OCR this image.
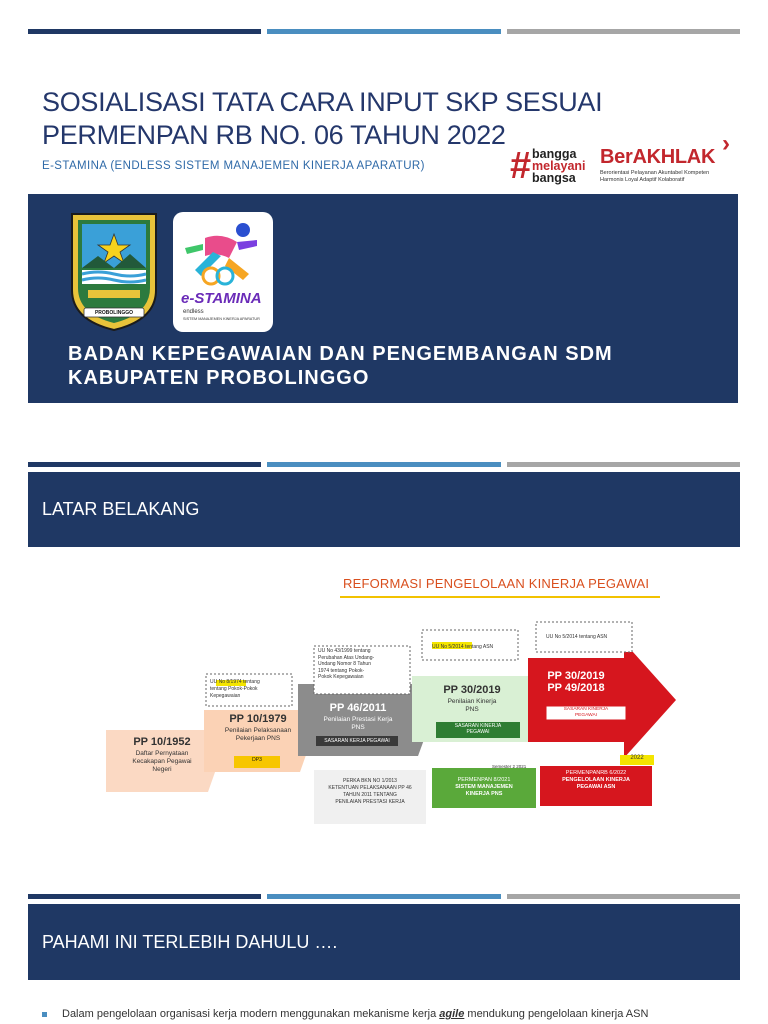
SOSIALISASI TATA CARA INPUT SKP SESUAI
PERMENPAN RB NO. 06 TAHUN 2022
E-STAMINA (ENDLESS SISTEM MANAJEMEN KINERJA APARATUR) # bangga
melayani
bangsa
BerAKHLAK ›
Berorientasi Pelayanan Akuntabel Kompeten
Harmonis Loyal Adaptif Kolaboratif
PROBOLINGGO
e-STAMINA
endless
SISTEM MANAJEMEN KINERJA APARATUR
BADAN KEPEGAWAIAN DAN PENGEMBANGAN SDM
KABUPATEN PROBOLINGGO
LATAR BELAKANG
REFORMASI PENGELOLAAN KINERJA PEGAWAI
PP 10/1952
Daftar Pernyataan
Kecakapan Pegawai
Negeri
PP 10/1979
Penilaian Pelaksanaan
Pekerjaan PNS
DP3
UU No 8/1974 tentang
tentang Pokok-Pokok
Kepegawaian
PP 46/2011
Penilaian Prestasi Kerja
PNS
SASARAN KERJA PEGAWAI
UU No 43/1999 tentang
Perubahan Atas Undang-
Undang Nomor 8 Tahun
1974 tentang Pokok-
Pokok Kepegawaian
PP 30/2019
Penilaian Kinerja
PNS
SASARAN KINERJA
PEGAWAI
UU No 5/2014 tentang ASN
PP 30/2019
PP 49/2018
SASARAN KINERJA
PEGAWAI
UU No 5/2014 tentang ASN
PERKA BKN NO 1/2013
KETENTUAN PELAKSANAAN PP 46
TAHUN 2011 TENTANG
PENILAIAN PRESTASI KERJA
Semester 2 2021
PERMENPAN 8/2021
SISTEM MANAJEMEN
KINERJA PNS
2022
PERMENPANRB 6/2022
PENGELOLAAN KINERJA
PEGAWAI ASN
PAHAMI INI TERLEBIH DAHULU ….
Dalam pengelolaan organisasi kerja modern menggunakan mekanisme kerja agile mendukung pengelolaan kinerja ASN
